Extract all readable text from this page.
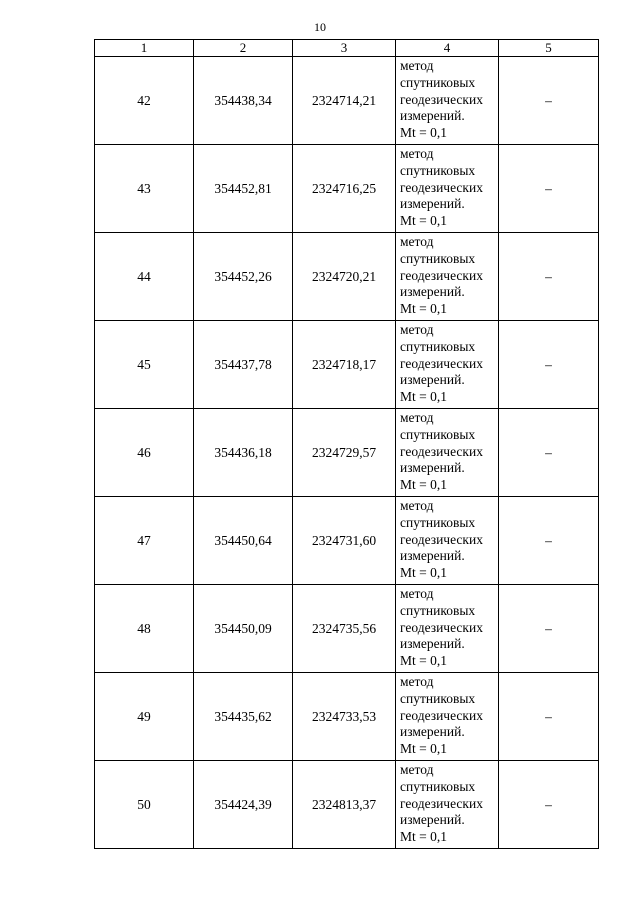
10
1	2	3	4	5
42	354438,34	2324714,21	метод
спутниковых
геодезических
измерений.
Mt = 0,1	–
43	354452,81	2324716,25	метод
спутниковых
геодезических
измерений.
Mt = 0,1	–
44	354452,26	2324720,21	метод
спутниковых
геодезических
измерений.
Mt = 0,1	–
45	354437,78	2324718,17	метод
спутниковых
геодезических
измерений.
Mt = 0,1	–
46	354436,18	2324729,57	метод
спутниковых
геодезических
измерений.
Mt = 0,1	–
47	354450,64	2324731,60	метод
спутниковых
геодезических
измерений.
Mt = 0,1	–
48	354450,09	2324735,56	метод
спутниковых
геодезических
измерений.
Mt = 0,1	–
49	354435,62	2324733,53	метод
спутниковых
геодезических
измерений.
Mt = 0,1	–
50	354424,39	2324813,37	метод
спутниковых
геодезических
измерений.
Mt = 0,1	–
